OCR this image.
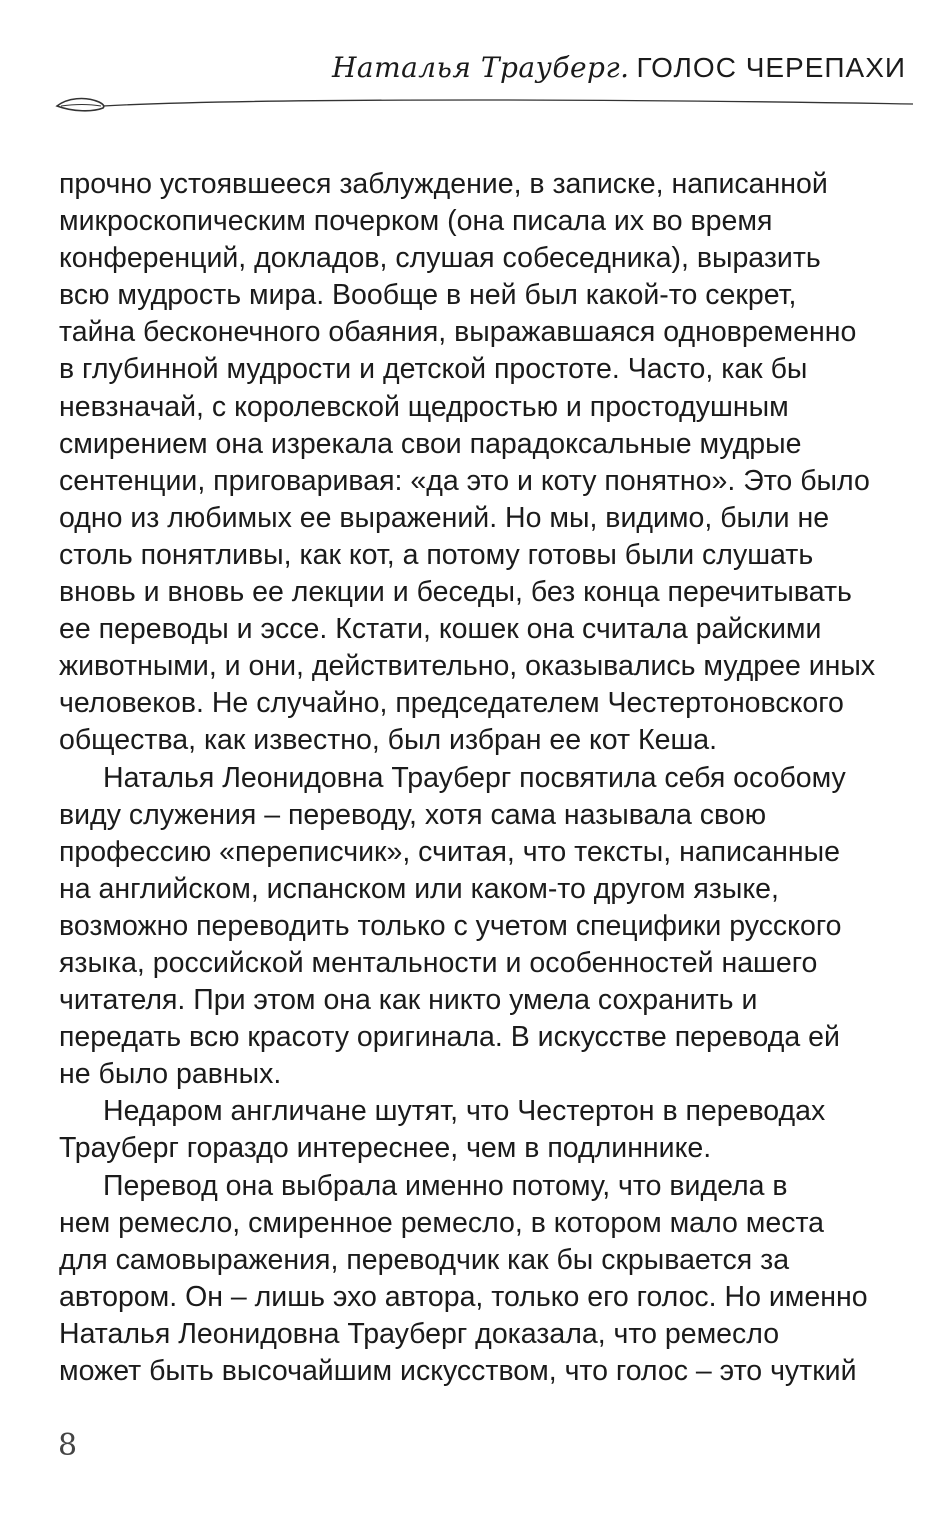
Наталья Трауберг. ГОЛОС ЧЕРЕПАХИ
прочно устоявшееся заблуждение, в записке, написанной
микроскопическим почерком (она писала их во время
конференций, докладов, слушая собеседника), выразить
всю мудрость мира. Вообще в ней был какой-то секрет,
тайна бесконечного обаяния, выражавшаяся одновременно
в глубинной мудрости и детской простоте. Часто, как бы
невзначай, с королевской щедростью и простодушным
смирением она изрекала свои парадоксальные мудрые
сентенции, приговаривая: «да это и коту понятно». Это было
одно из любимых ее выражений. Но мы, видимо, были не
столь понятливы, как кот, а потому готовы были слушать
вновь и вновь ее лекции и беседы, без конца перечитывать
ее переводы и эссе. Кстати, кошек она считала райскими
животными, и они, действительно, оказывались мудрее иных
человеков. Не случайно, председателем Честертоновского
общества, как известно, был избран ее кот Кеша.
Наталья Леонидовна Трауберг посвятила себя особому
виду служения – переводу, хотя сама называла свою
профессию «переписчик», считая, что тексты, написанные
на английском, испанском или каком-то другом языке,
возможно переводить только с учетом специфики русского
языка, российской ментальности и особенностей нашего
читателя. При этом она как никто умела сохранить и
передать всю красоту оригинала. В искусстве перевода ей
не было равных.
Недаром англичане шутят, что Честертон в переводах
Трауберг гораздо интереснее, чем в подлиннике.
Перевод она выбрала именно потому, что видела в
нем ремесло, смиренное ремесло, в котором мало места
для самовыражения, переводчик как бы скрывается за
автором. Он – лишь эхо автора, только его голос. Но именно
Наталья Леонидовна Трауберг доказала, что ремесло
может быть высочайшим искусством, что голос – это чуткий
8
